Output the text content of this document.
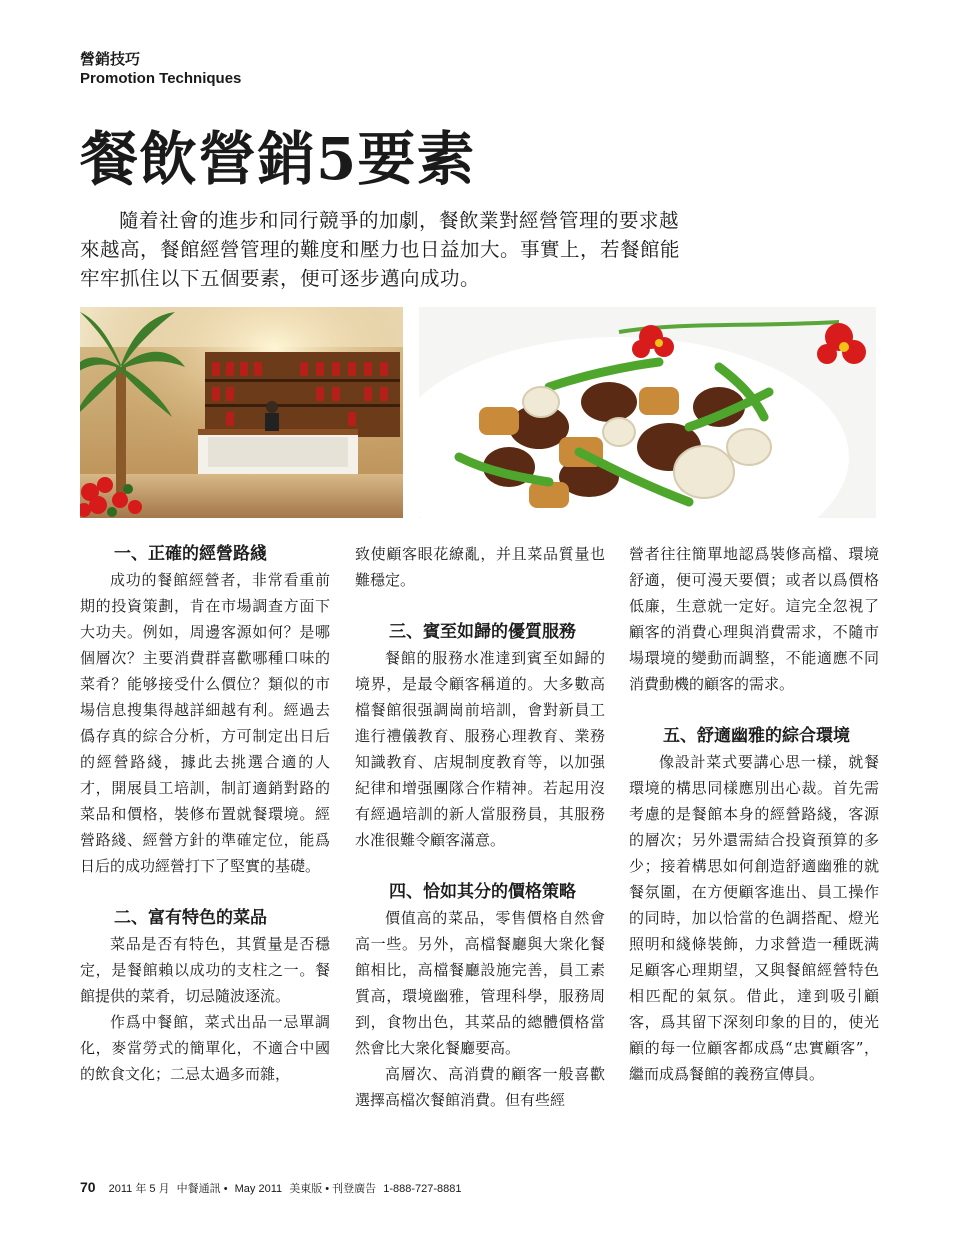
營銷技巧
Promotion Techniques
餐飲營銷5要素

隨着社會的進步和同行競爭的加劇，餐飲業對經營管理的要求越來越高，餐館經營管理的難度和壓力也日益加大。事實上，若餐館能牢牢抓住以下五個要素，便可逐步邁向成功。

一、正確的經營路綫

成功的餐館經營者，非常看重前期的投資策劃，肯在市場調查方面下大功夫。例如，周邊客源如何？是哪個層次？主要消費群喜歡哪種口味的菜肴？能够接受什么價位？類似的市場信息搜集得越詳細越有利。經過去僞存真的綜合分析，方可制定出日后的經營路綫，據此去挑選合適的人才，開展員工培訓，制訂適銷對路的菜品和價格，裝修布置就餐環境。經營路綫、經營方針的準確定位，能爲日后的成功經營打下了堅實的基礎。

二、富有特色的菜品

菜品是否有特色，其質量是否穩定，是餐館賴以成功的支柱之一。餐館提供的菜肴，切忌隨波逐流。

作爲中餐館，菜式出品一忌單調化，麥當勞式的簡單化，不適合中國的飲食文化；二忌太過多而雜，

致使顧客眼花繚亂，并且菜品質量也難穩定。

三、賓至如歸的優質服務

餐館的服務水准達到賓至如歸的境界，是最令顧客稱道的。大多數高檔餐館很强調崗前培訓，會對新員工進行禮儀教育、服務心理教育、業務知識教育、店規制度教育等，以加强紀律和增强團隊合作精神。若起用沒有經過培訓的新人當服務員，其服務水准很難令顧客滿意。

四、恰如其分的價格策略

價值高的菜品，零售價格自然會高一些。另外，高檔餐廳與大衆化餐館相比，高檔餐廳設施完善，員工素質高，環境幽雅，管理科學，服務周到，食物出色，其菜品的總體價格當然會比大衆化餐廳要高。

高層次、高消費的顧客一般喜歡選擇高檔次餐館消費。但有些經

營者往往簡單地認爲裝修高檔、環境舒適，便可漫天要價；或者以爲價格低廉，生意就一定好。這完全忽視了顧客的消費心理與消費需求，不隨市場環境的變動而調整，不能適應不同消費動機的顧客的需求。

五、舒適幽雅的綜合環境

像設計菜式要講心思一樣，就餐環境的構思同樣應別出心裁。首先需考慮的是餐館本身的經營路綫，客源的層次；另外還需結合投資預算的多少；接着構思如何創造舒適幽雅的就餐氛圍，在方便顧客進出、員工操作的同時，加以恰當的色調搭配、燈光照明和綫條裝飾，力求營造一種既满足顧客心理期望，又與餐館經營特色相匹配的氣氛。借此，達到吸引顧客，爲其留下深刻印象的目的，使光顧的每一位顧客都成爲“忠實顧客”，繼而成爲餐館的義務宣傳員。

70 2011 年 5 月 中餐通訊 • May 2011 美東版 • 刊登廣告 1-888-727-8881
